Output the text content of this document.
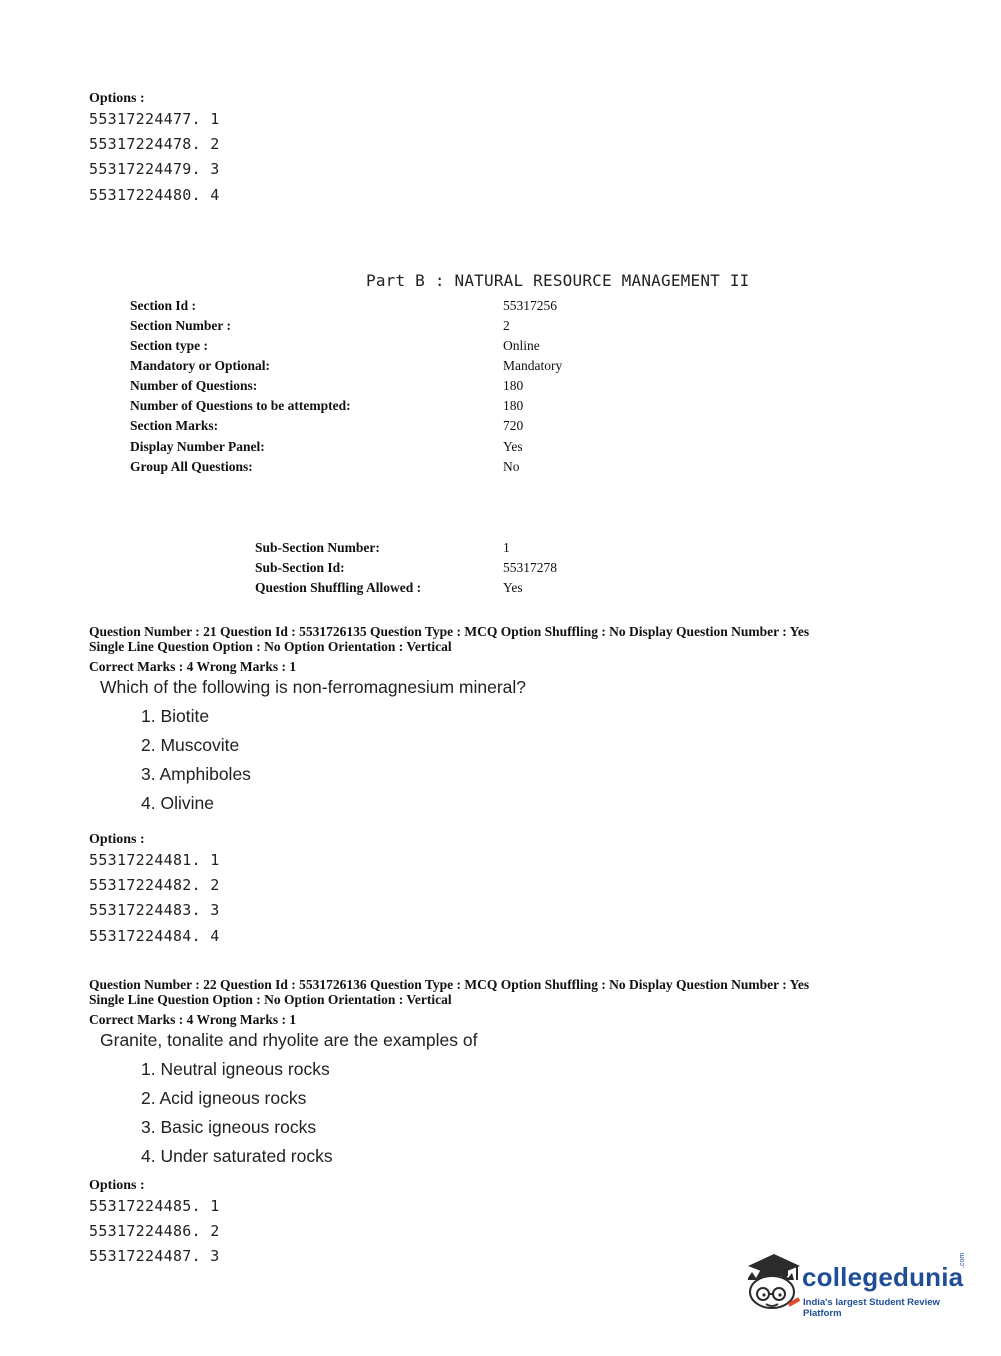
Options :
55317224477. 1
55317224478. 2
55317224479. 3
55317224480. 4
Part B : NATURAL RESOURCE MANAGEMENT II
Section Id :	55317256
Section Number :	2
Section type :	Online
Mandatory or Optional:	Mandatory
Number of Questions:	180
Number of Questions to be attempted:	180
Section Marks:	720
Display Number Panel:	Yes
Group All Questions:	No
Sub-Section Number:	1
Sub-Section Id:	55317278
Question Shuffling Allowed :	Yes
Question Number : 21 Question Id : 5531726135 Question Type : MCQ Option Shuffling : No Display Question Number : Yes
Single Line Question Option : No Option Orientation : Vertical
Correct Marks : 4 Wrong Marks : 1
Which of the following is non-ferromagnesium mineral?
1. Biotite
2. Muscovite
3. Amphiboles
4. Olivine
Options :
55317224481. 1
55317224482. 2
55317224483. 3
55317224484. 4
Question Number : 22 Question Id : 5531726136 Question Type : MCQ Option Shuffling : No Display Question Number : Yes
Single Line Question Option : No Option Orientation : Vertical
Correct Marks : 4 Wrong Marks : 1
Granite, tonalite and rhyolite are the examples of
1. Neutral igneous rocks
2. Acid igneous rocks
3. Basic igneous rocks
4. Under saturated rocks
Options :
55317224485. 1
55317224486. 2
55317224487. 3
collegedunia
.com
India's largest Student Review Platform
